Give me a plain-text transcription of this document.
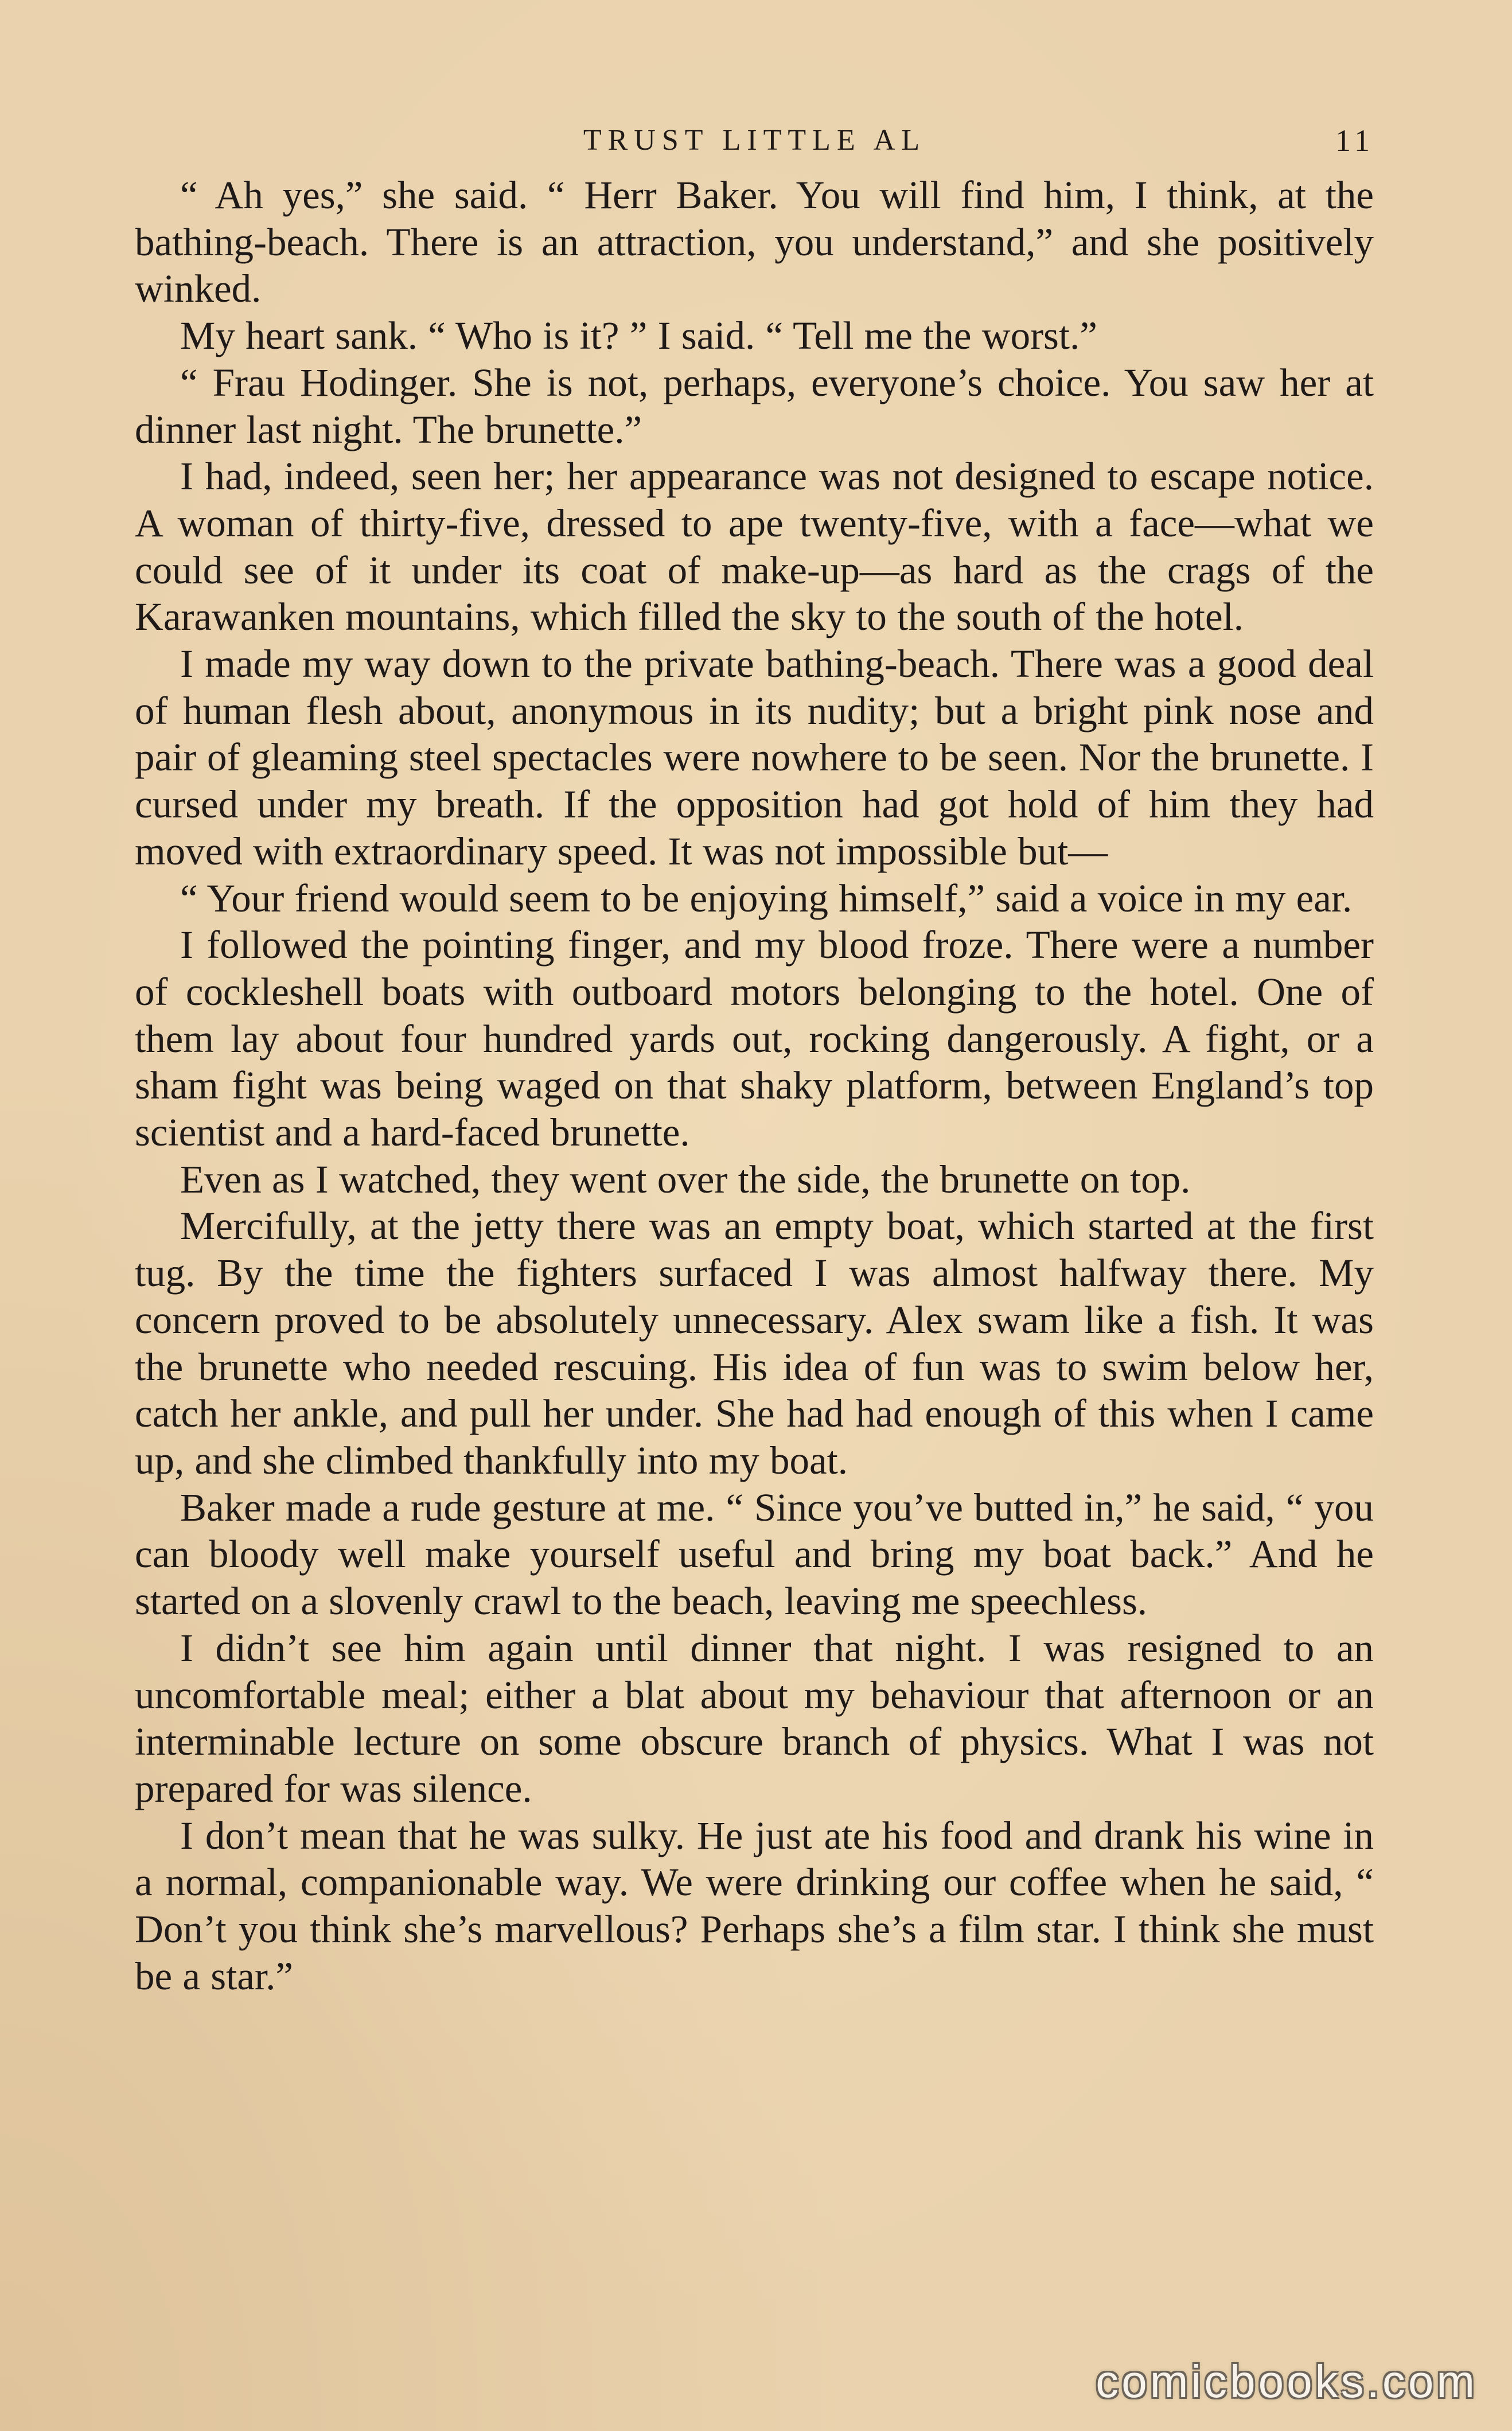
TRUST LITTLE AL	11

“ Ah yes,” she said. “ Herr Baker. You will find him, I think, at the bathing-beach. There is an attraction, you understand,” and she positively winked.

My heart sank. “ Who is it? ” I said. “ Tell me the worst.”

“ Frau Hodinger. She is not, perhaps, everyone’s choice. You saw her at dinner last night. The brunette.”

I had, indeed, seen her; her appearance was not designed to escape notice. A woman of thirty-five, dressed to ape twenty-five, with a face—what we could see of it under its coat of make-up—as hard as the crags of the Karawanken mountains, which filled the sky to the south of the hotel.

I made my way down to the private bathing-beach. There was a good deal of human flesh about, anonymous in its nudity; but a bright pink nose and pair of gleaming steel spectacles were nowhere to be seen. Nor the brunette. I cursed under my breath. If the opposition had got hold of him they had moved with extraordinary speed. It was not impossible but—

“ Your friend would seem to be enjoying himself,” said a voice in my ear.

I followed the pointing finger, and my blood froze. There were a number of cockleshell boats with outboard motors belonging to the hotel. One of them lay about four hundred yards out, rocking dangerously. A fight, or a sham fight was being waged on that shaky platform, between England’s top scientist and a hard-faced brunette.

Even as I watched, they went over the side, the brunette on top.

Mercifully, at the jetty there was an empty boat, which started at the first tug. By the time the fighters surfaced I was almost halfway there. My concern proved to be absolutely unnecessary. Alex swam like a fish. It was the brunette who needed rescuing. His idea of fun was to swim below her, catch her ankle, and pull her under. She had had enough of this when I came up, and she climbed thankfully into my boat.

Baker made a rude gesture at me. “ Since you’ve butted in,” he said, “ you can bloody well make yourself useful and bring my boat back.” And he started on a slovenly crawl to the beach, leaving me speechless.

I didn’t see him again until dinner that night. I was resigned to an uncomfortable meal; either a blat about my behaviour that afternoon or an interminable lecture on some obscure branch of physics. What I was not prepared for was silence.

I don’t mean that he was sulky. He just ate his food and drank his wine in a normal, companionable way. We were drinking our coffee when he said, “ Don’t you think she’s marvellous? Perhaps she’s a film star. I think she must be a star.”

comicbooks.com
